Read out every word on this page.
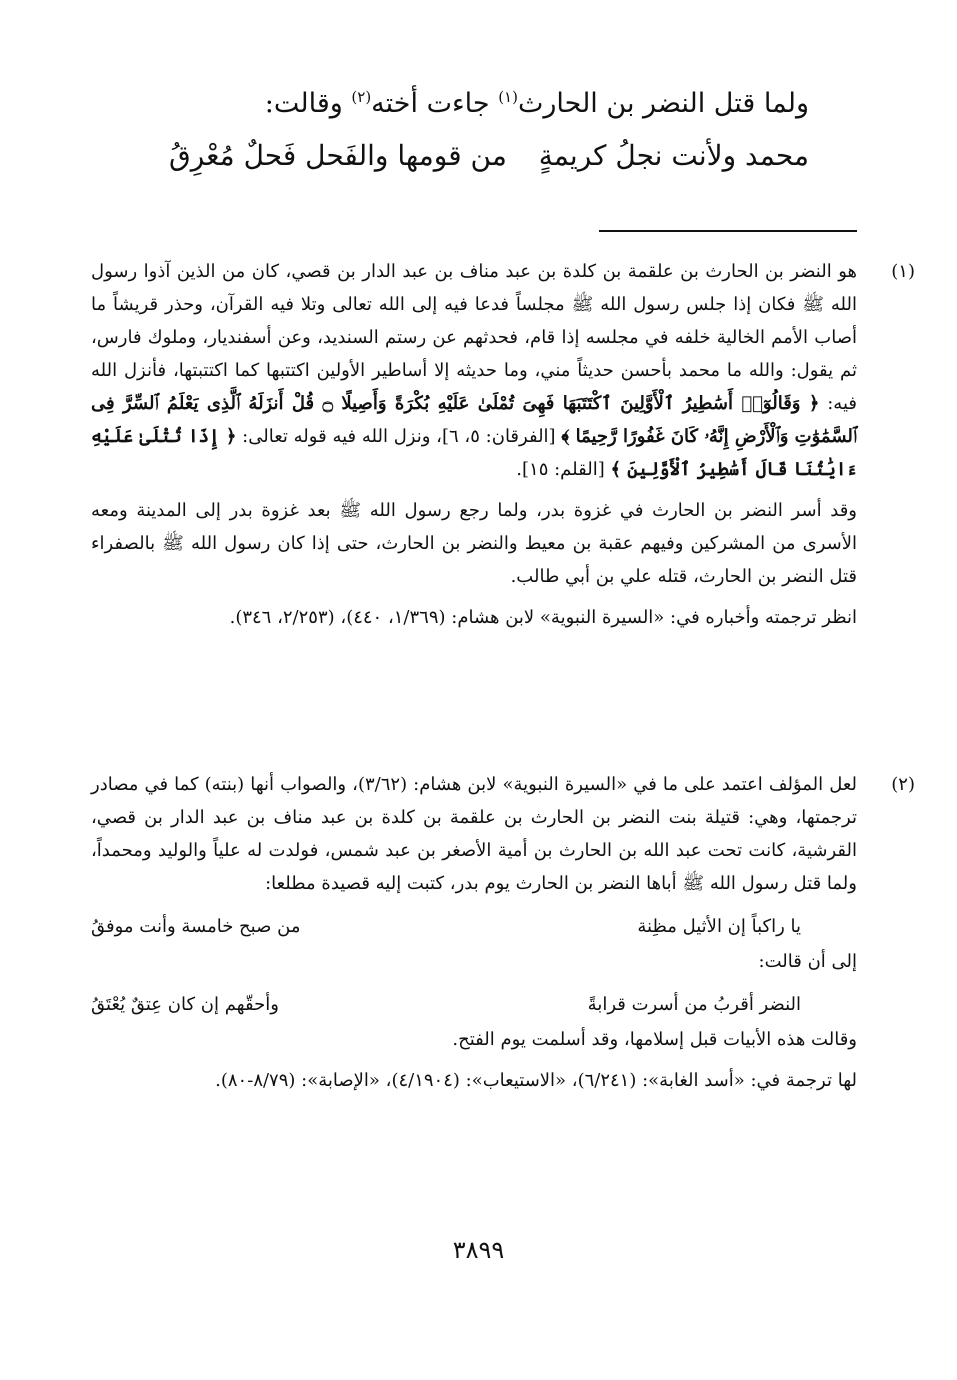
ولما قتل النضر بن الحارث$^{(١)}$ جاءت أخته$^{(٢)}$ وقالت:
محمد ولأنت نجلُ كريمةٍ
من قومها والفَحل فَحلٌ مُعْرِقُ
(١)

هو النضر بن الحارث بن علقمة بن كلدة بن عبد مناف بن عبد الدار بن قصي، كان من الذين آذوا رسول الله ﷺ فكان إذا جلس رسول الله ﷺ مجلساً فدعا فيه إلى الله تعالى وتلا فيه القرآن، وحذر قريشاً ما أصاب الأمم الخالية خلفه في مجلسه إذا قام، فحدثهم عن رستم السنديد، وعن أسفنديار، وملوك فارس، ثم يقول: والله ما محمد بأحسن حديثاً مني، وما حديثه إلا أساطير الأولين اكتتبها كما اكتتبتها، فأنزل الله فيه: ﴿ وَقَالُوٓا۟ أَسَٰطِيرُ ٱلْأَوَّلِينَ ٱكْتَتَبَهَا فَهِىَ تُمْلَىٰ عَلَيْهِ بُكْرَةً وَأَصِيلًا ۝ قُلْ أَنزَلَهُ ٱلَّذِى يَعْلَمُ ٱلسِّرَّ فِى ٱلسَّمَٰوَٰتِ وَٱلْأَرْضِ إِنَّهُۥ كَانَ غَفُورًا رَّحِيمًا ﴾ [الفرقان: ٥، ٦]، ونزل الله فيه قوله تعالى: ﴿ إِذَا تُتْلَىٰ عَلَيْهِ ءَايَٰتُنَا قَالَ أَسَٰطِيرُ ٱلْأَوَّلِينَ ﴾ [القلم: ١٥].

وقد أسر النضر بن الحارث في غزوة بدر، ولما رجع رسول الله ﷺ بعد غزوة بدر إلى المدينة ومعه الأسرى من المشركين وفيهم عقبة بن معيط والنضر بن الحارث، حتى إذا كان رسول الله ﷺ بالصفراء قتل النضر بن الحارث، قتله علي بن أبي طالب.

انظر ترجمته وأخباره في: «السيرة النبوية» لابن هشام: (١/٣٦٩، ٤٤٠)، (٢/٢٥٣، ٣٤٦).

(٢)

لعل المؤلف اعتمد على ما في «السيرة النبوية» لابن هشام: (٣/٦٢)، والصواب أنها (بنته) كما في مصادر ترجمتها، وهي: قتيلة بنت النضر بن الحارث بن علقمة بن كلدة بن عبد مناف بن عبد الدار بن قصي، القرشية، كانت تحت عبد الله بن الحارث بن أمية الأصغر بن عبد شمس، فولدت له علياً والوليد ومحمداً، ولما قتل رسول الله ﷺ أباها النضر بن الحارث يوم بدر، كتبت إليه قصيدة مطلعا:

يا راكباً إن الأثيل مظِنة
من صبح خامسة وأنت موفقُ

إلى أن قالت:

النضر أقربُ من أسرت قرابةً
وأحقّهم إن كان عِتقٌ يُعْتَقُ

وقالت هذه الأبيات قبل إسلامها، وقد أسلمت يوم الفتح.

لها ترجمة في: «أسد الغابة»: (٦/٢٤١)، «الاستيعاب»: (٤/١٩٠٤)، «الإصابة»: (٨/٧٩-٨٠).

٣٨٩٩
